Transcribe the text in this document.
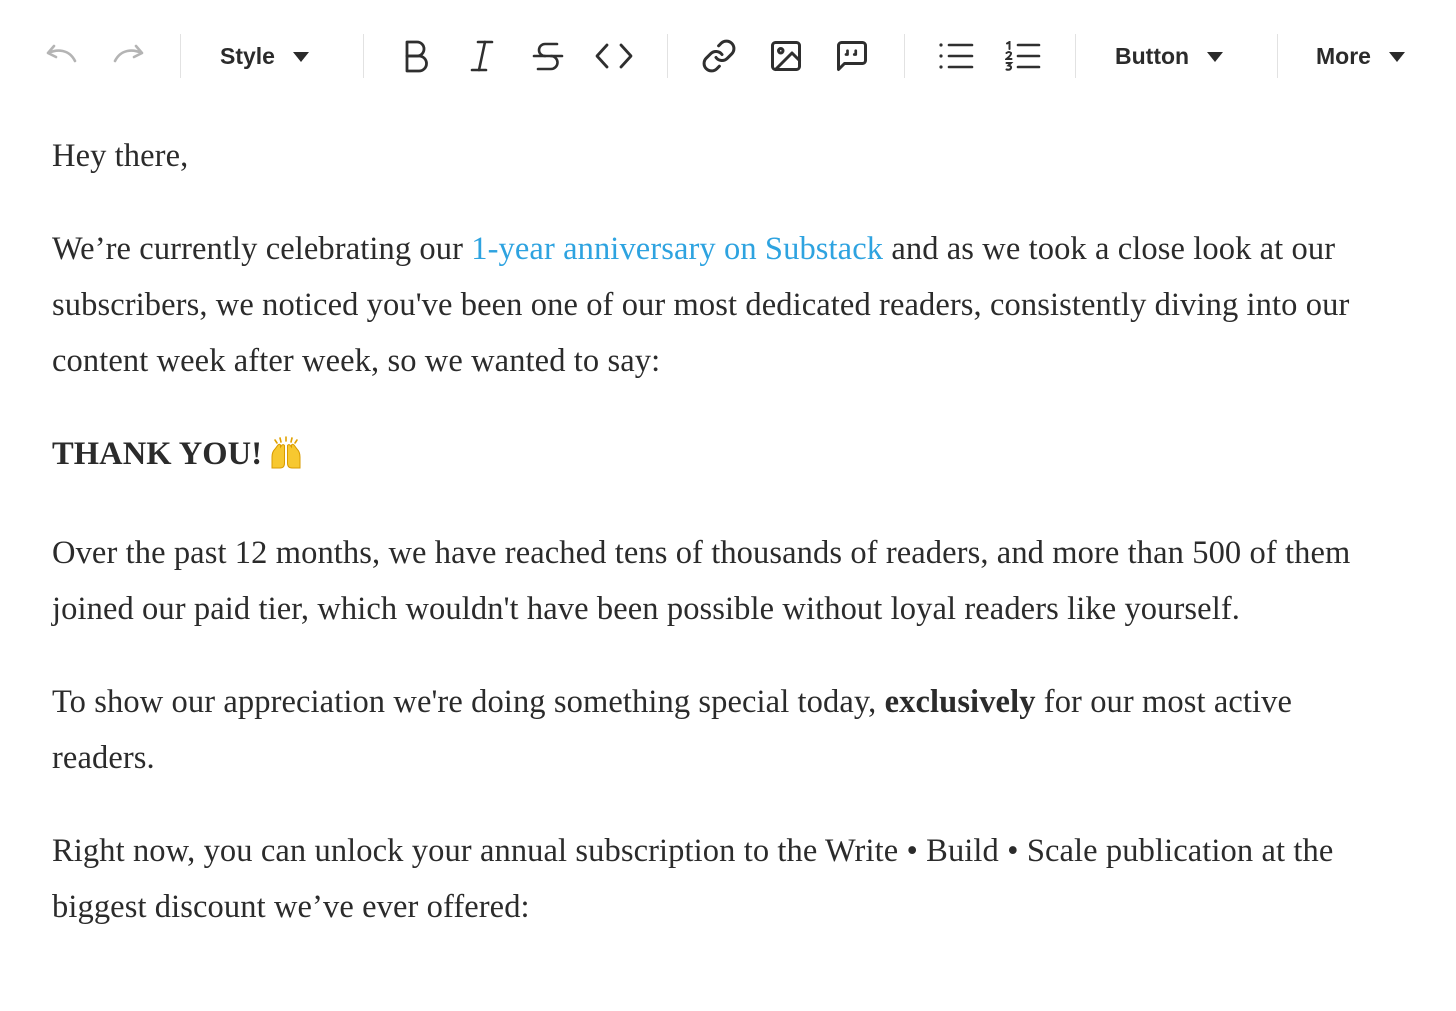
Style	Button	More

Hey there,

We’re currently celebrating our 1-year anniversary on Substack and as we took a close look at our subscribers, we noticed you've been one of our most dedicated readers, consistently diving into our content week after week, so we wanted to say:

THANK YOU!

Over the past 12 months, we have reached tens of thousands of readers, and more than 500 of them joined our paid tier, which wouldn't have been possible without loyal readers like yourself.

To show our appreciation we're doing something special today, exclusively for our most active readers.

Right now, you can unlock your annual subscription to the Write • Build • Scale publication at the biggest discount we’ve ever offered:
